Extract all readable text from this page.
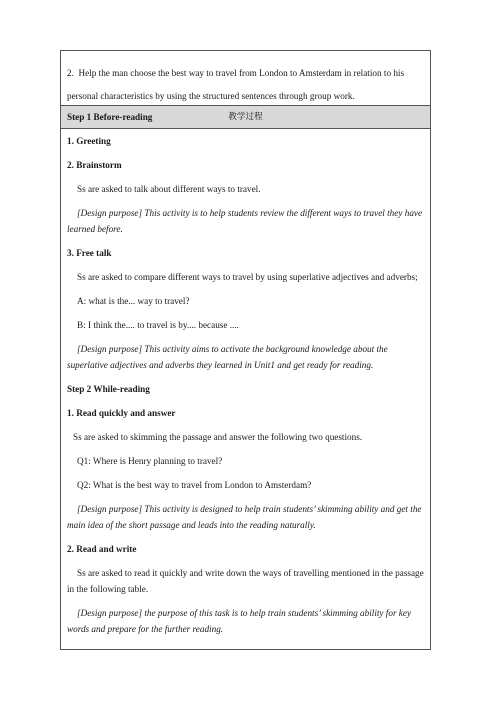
2. Help the man choose the best way to travel from London to Amsterdam in relation to his
personal characteristics by using the structured sentences through group work.
教学过程
Step 1 Before-reading
1. Greeting
2. Brainstorm
Ss are asked to talk about different ways to travel.
[Design purpose] This activity is to help students review the different ways to travel they have
learned before.
3. Free talk
Ss are asked to compare different ways to travel by using superlative adjectives and adverbs;
A: what is the... way to travel?
B: I think the.... to travel is by.... because ....
[Design purpose] This activity aims to activate the background knowledge about the
superlative adjectives and adverbs they learned in Unit1 and get ready for reading.
Step 2 While-reading
1. Read quickly and answer
Ss are asked to skimming the passage and answer the following two questions.
Q1: Where is Henry planning to travel?
Q2: What is the best way to travel from London to Amsterdam?
[Design purpose] This activity is designed to help train students’ skimming ability and get the
main idea of the short passage and leads into the reading naturally.
2. Read and write
Ss are asked to read it quickly and write down the ways of travelling mentioned in the passage
in the following table.
[Design purpose] the purpose of this task is to help train students’ skimming ability for key
words and prepare for the further reading.
